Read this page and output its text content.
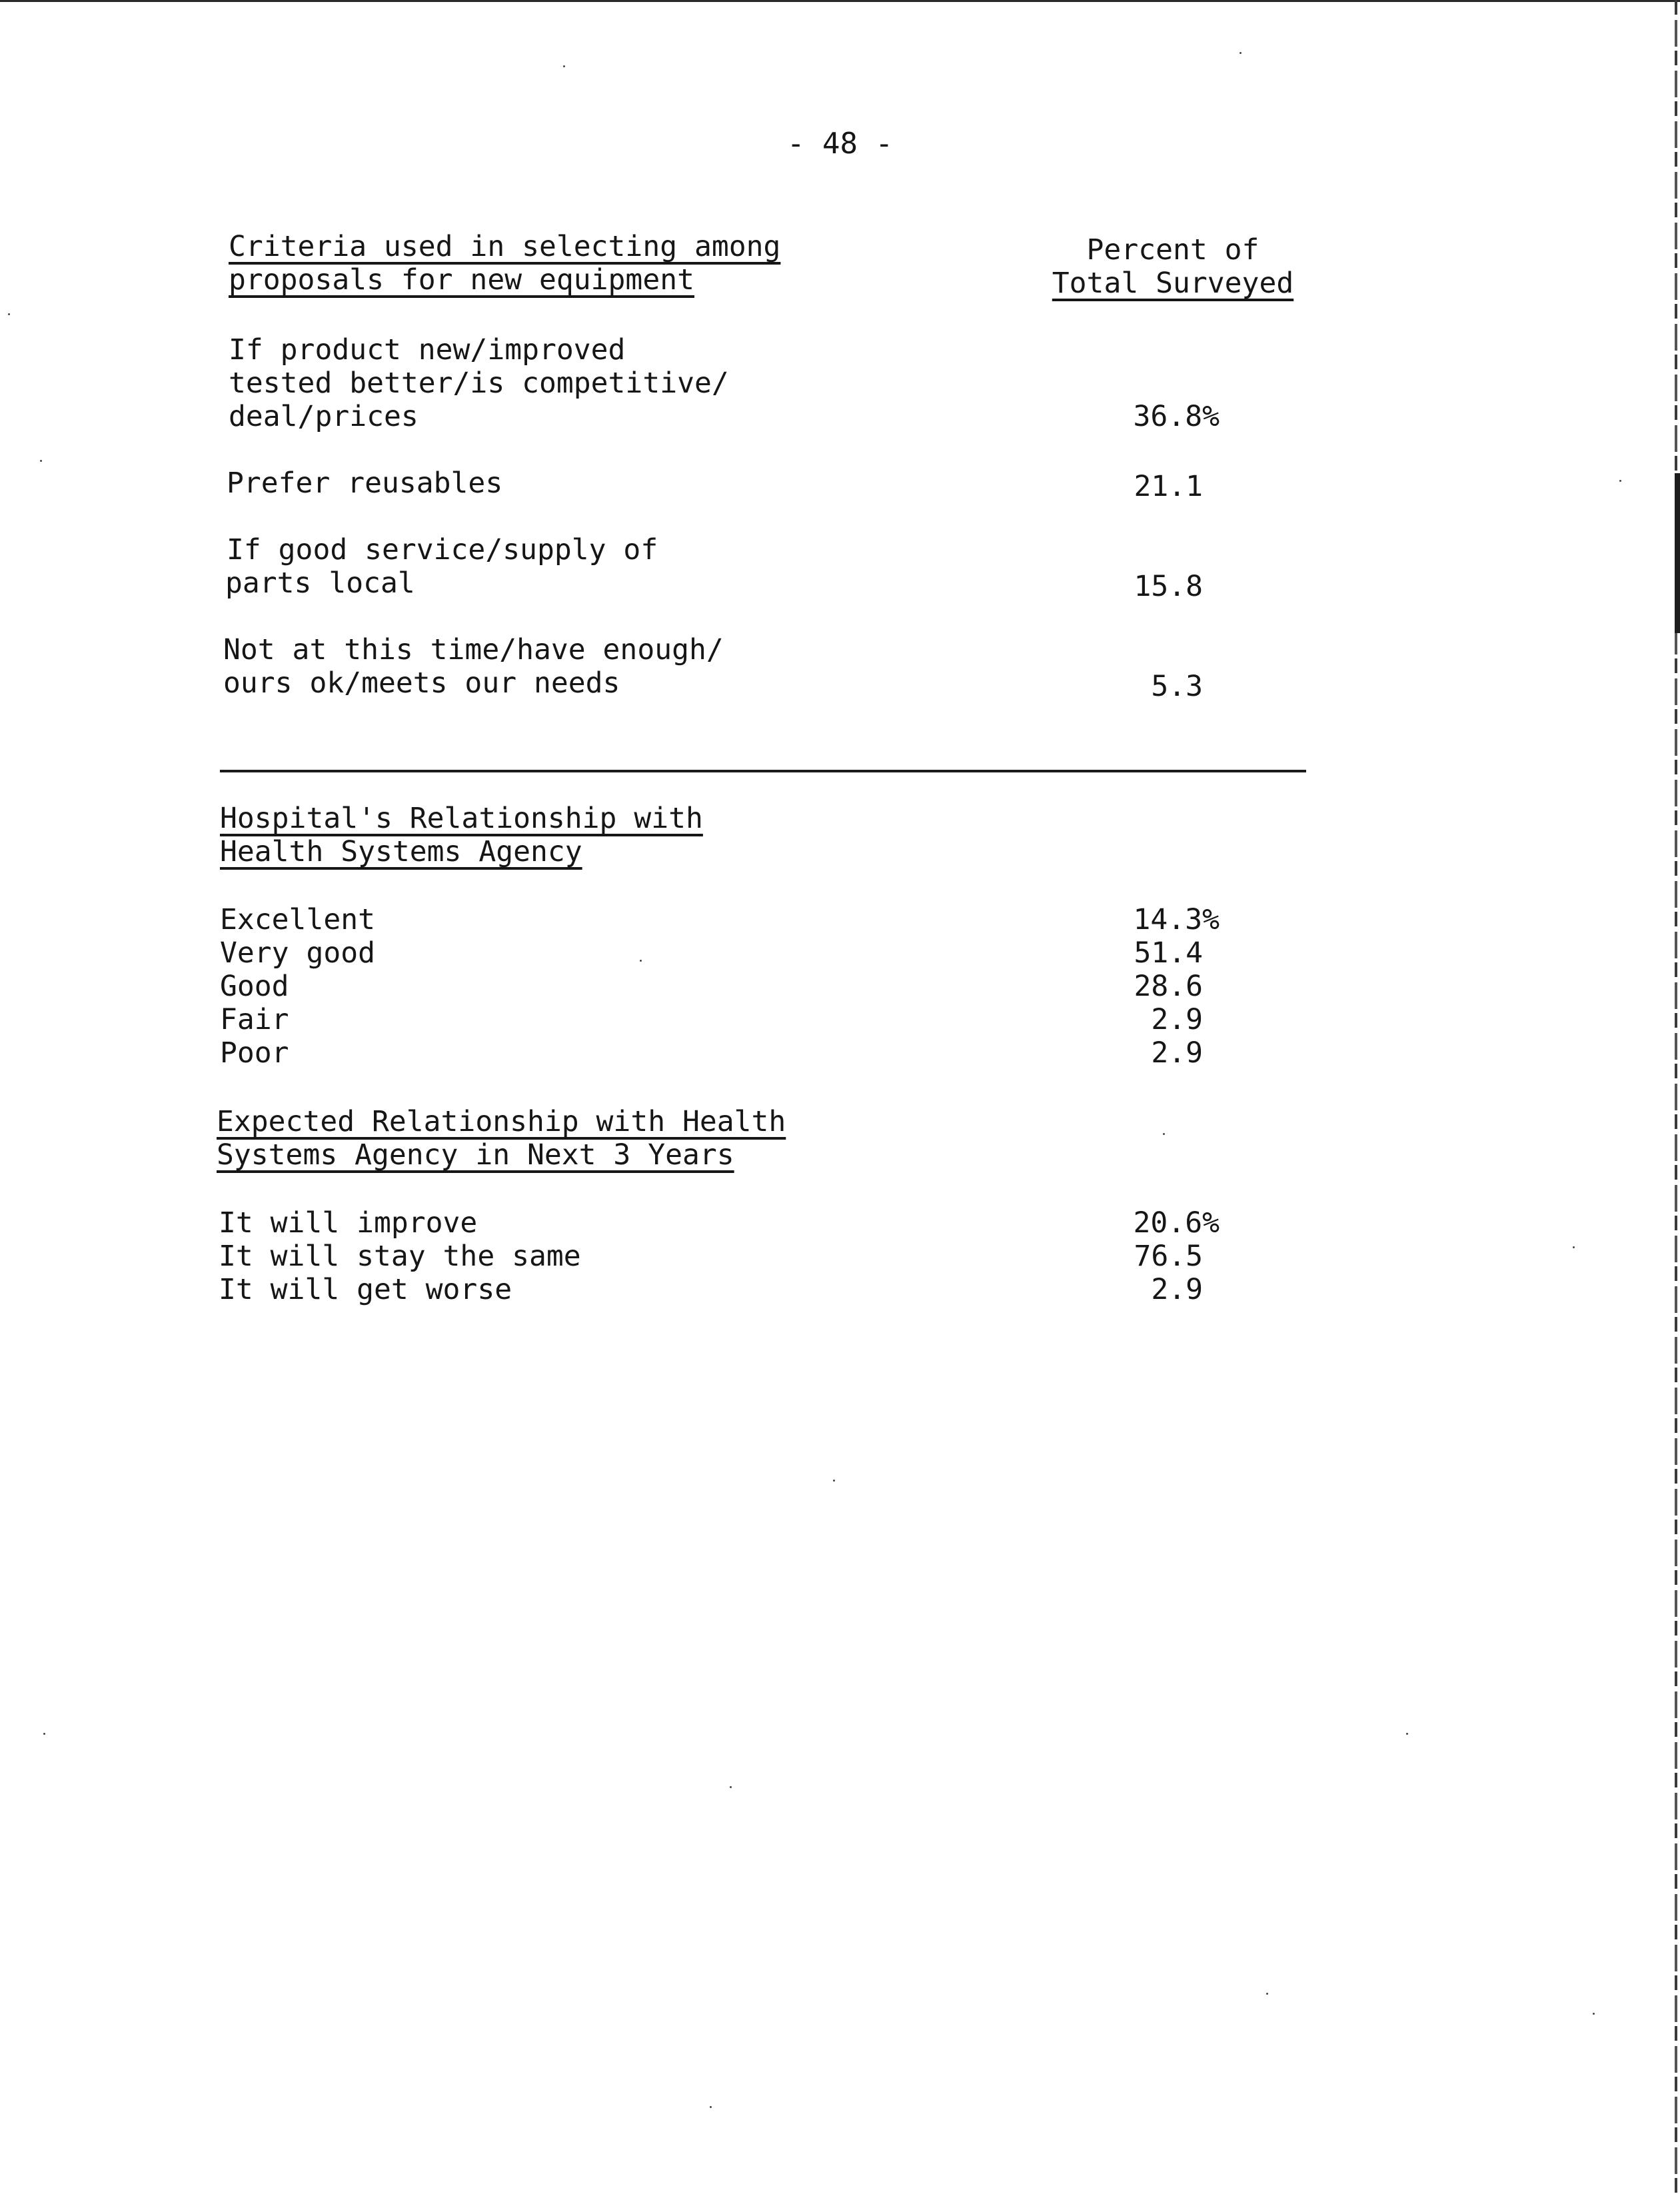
- 48 -
Criteria used in selecting among
proposals for new equipment
Percent of
Total Surveyed
If product new/improved
tested better/is competitive/
deal/prices	36.8%
Prefer reusables	21.1
If good service/supply of
parts local	15.8
Not at this time/have enough/
ours ok/meets our needs	5.3
Hospital's Relationship with
Health Systems Agency
Excellent	14.3%
Very good	51.4
Good	28.6
Fair	2.9
Poor	2.9
Expected Relationship with Health
Systems Agency in Next 3 Years
It will improve	20.6%
It will stay the same	76.5
It will get worse	2.9
